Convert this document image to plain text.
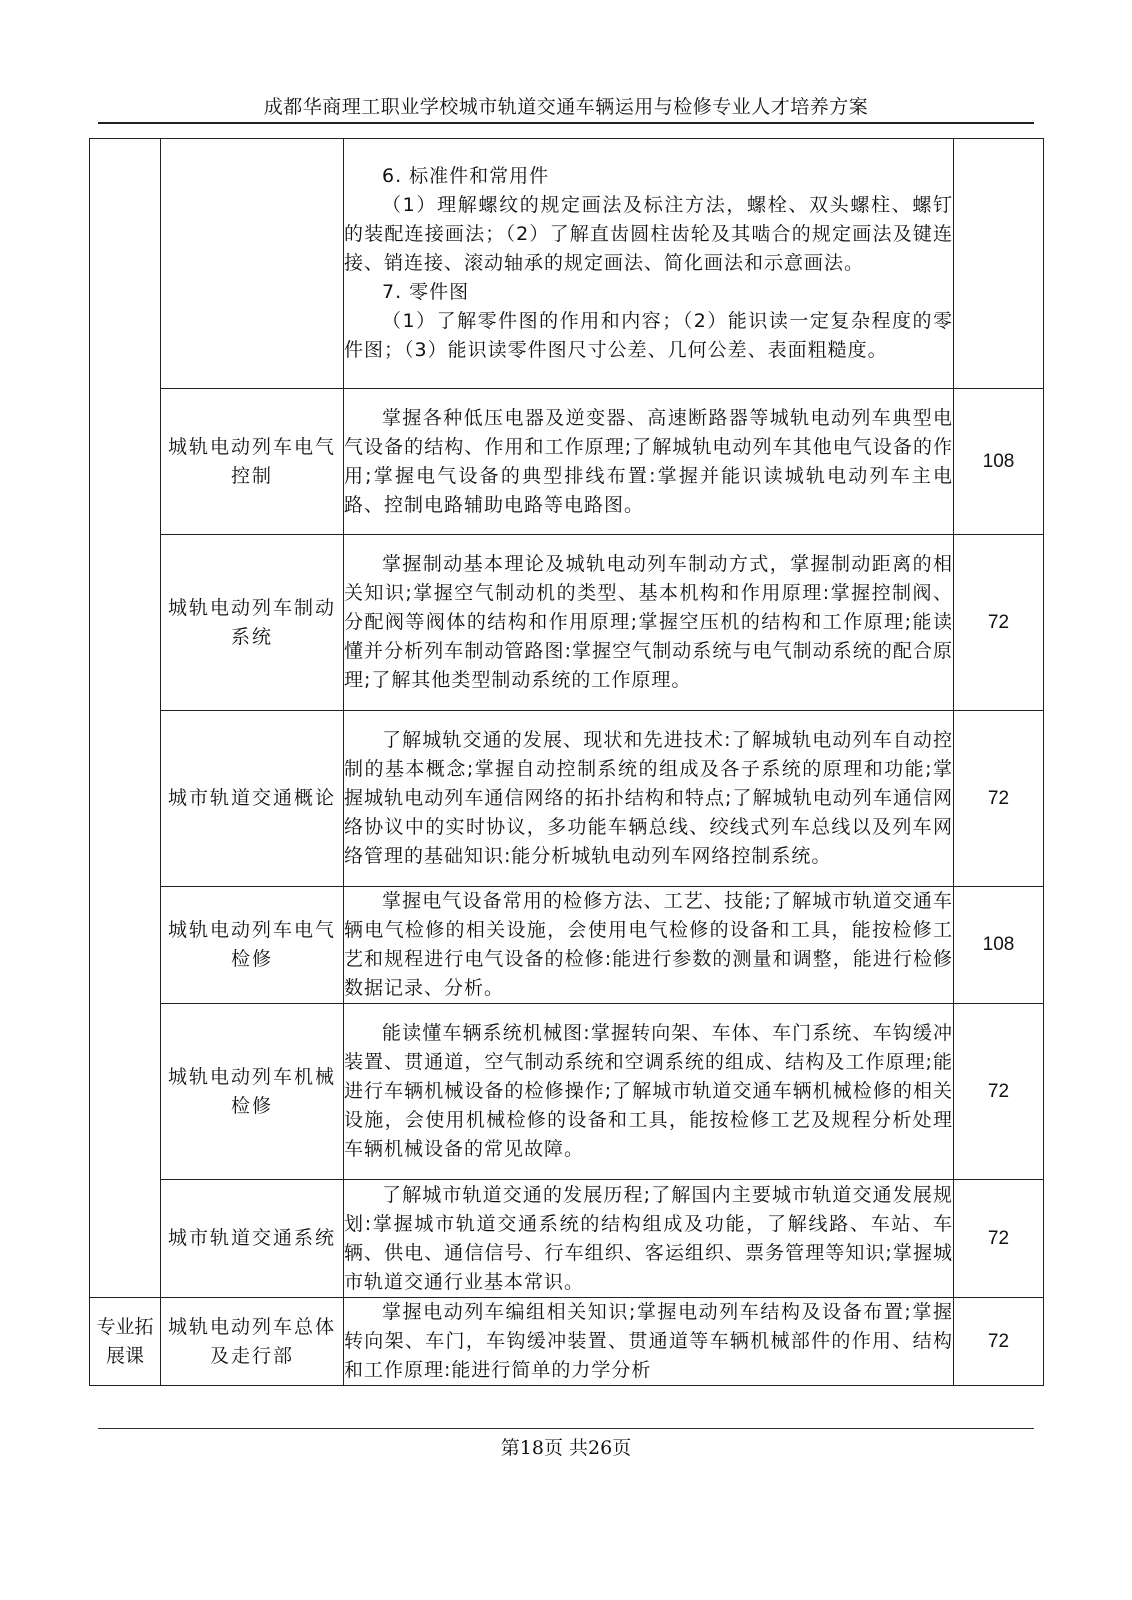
成都华商理工职业学校城市轨道交通车辆运用与检修专业人才培养方案

		6. 标准件和常用件

（1）理解螺纹的规定画法及标注方法，螺栓、双头螺柱、螺钉的装配连接画法；（2）了解直齿圆柱齿轮及其啮合的规定画法及键连接、销连接、滚动轴承的规定画法、简化画法和示意画法。

7. 零件图

（1）了解零件图的作用和内容；（2）能识读一定复杂程度的零件图；（3）能识读零件图尺寸公差、几何公差、表面粗糙度。	

	城轨电动列车电气控制	掌握各种低压电器及逆变器、高速断路器等城轨电动列车典型电气设备的结构、作用和工作原理;了解城轨电动列车其他电气设备的作用;掌握电气设备的典型排线布置:掌握并能识读城轨电动列车主电路、控制电路辅助电路等电路图。	108
	城轨电动列车制动系统	掌握制动基本理论及城轨电动列车制动方式，掌握制动距离的相关知识;掌握空气制动机的类型、基本机构和作用原理:掌握控制阀、分配阀等阀体的结构和作用原理;掌握空压机的结构和工作原理;能读懂并分析列车制动管路图:掌握空气制动系统与电气制动系统的配合原理;了解其他类型制动系统的工作原理。	72
	城市轨道交通概论	了解城轨交通的发展、现状和先进技术:了解城轨电动列车自动控制的基本概念;掌握自动控制系统的组成及各子系统的原理和功能;掌握城轨电动列车通信网络的拓扑结构和特点;了解城轨电动列车通信网络协议中的实时协议，多功能车辆总线、绞线式列车总线以及列车网络管理的基础知识:能分析城轨电动列车网络控制系统。	72
	城轨电动列车电气检修	掌握电气设备常用的检修方法、工艺、技能;了解城市轨道交通车辆电气检修的相关设施，会使用电气检修的设备和工具，能按检修工艺和规程进行电气设备的检修:能进行参数的测量和调整，能进行检修数据记录、分析。	108
	城轨电动列车机械检修	能读懂车辆系统机械图:掌握转向架、车体、车门系统、车钩缓冲装置、贯通道，空气制动系统和空调系统的组成、结构及工作原理;能进行车辆机械设备的检修操作;了解城市轨道交通车辆机械检修的相关设施，会使用机械检修的设备和工具，能按检修工艺及规程分析处理车辆机械设备的常见故障。	72
	城市轨道交通系统	了解城市轨道交通的发展历程;了解国内主要城市轨道交通发展规划:掌握城市轨道交通系统的结构组成及功能，了解线路、车站、车辆、供电、通信信号、行车组织、客运组织、票务管理等知识;掌握城市轨道交通行业基本常识。	72
专业拓展课	城轨电动列车总体及走行部	掌握电动列车编组相关知识;掌握电动列车结构及设备布置;掌握转向架、车门，车钩缓冲装置、贯通道等车辆机械部件的作用、结构和工作原理:能进行简单的力学分析	72
第18页 共26页
